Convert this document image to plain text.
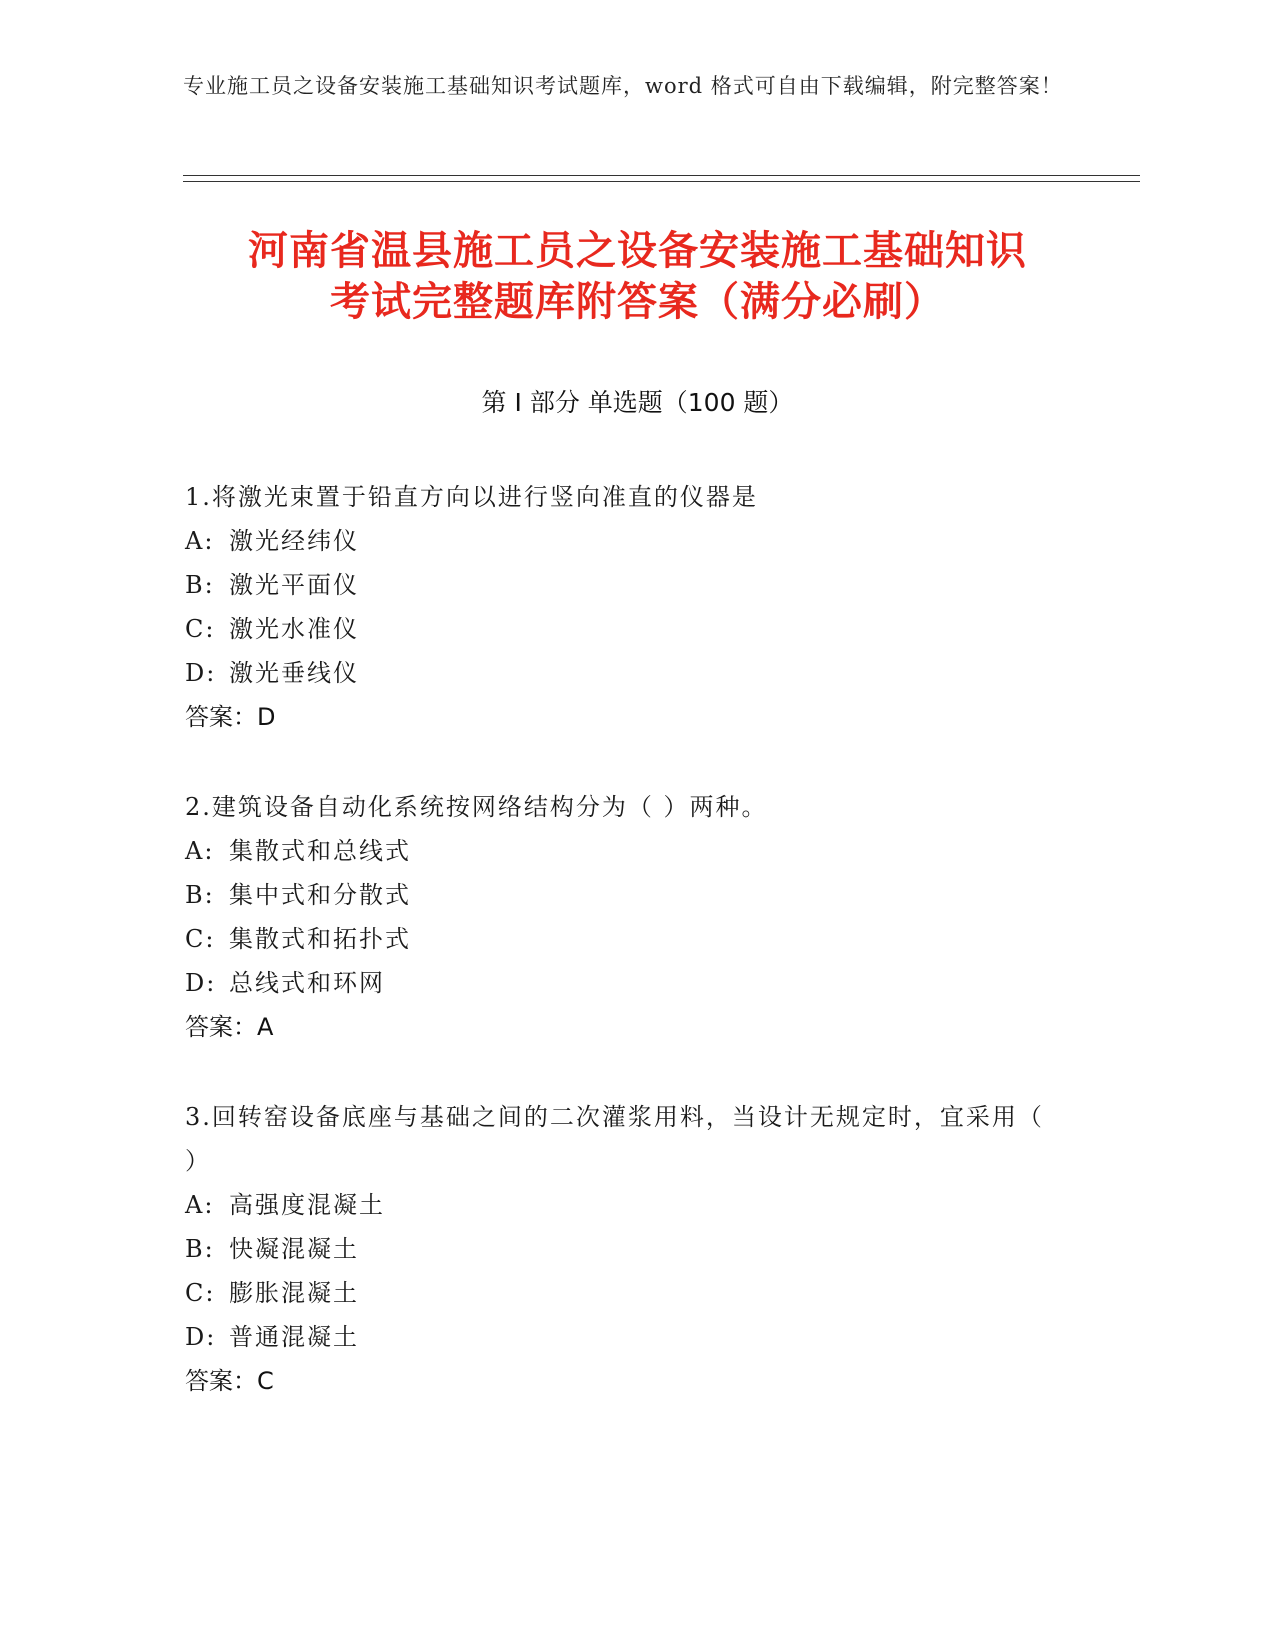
专业施工员之设备安装施工基础知识考试题库，word 格式可自由下载编辑，附完整答案！
河南省温县施工员之设备安装施工基础知识
考试完整题库附答案（满分必刷）
第 I 部分 单选题（100 题）
1.将激光束置于铅直方向以进行竖向准直的仪器是
A: 激光经纬仪
B: 激光平面仪
C: 激光水准仪
D: 激光垂线仪
答案：D
2.建筑设备自动化系统按网络结构分为（ ）两种。
A: 集散式和总线式
B: 集中式和分散式
C: 集散式和拓扑式
D: 总线式和环网
答案：A
3.回转窑设备底座与基础之间的二次灌浆用料，当设计无规定时，宜采用（ ）
A: 高强度混凝土
B: 快凝混凝土
C: 膨胀混凝土
D: 普通混凝土
答案：C
